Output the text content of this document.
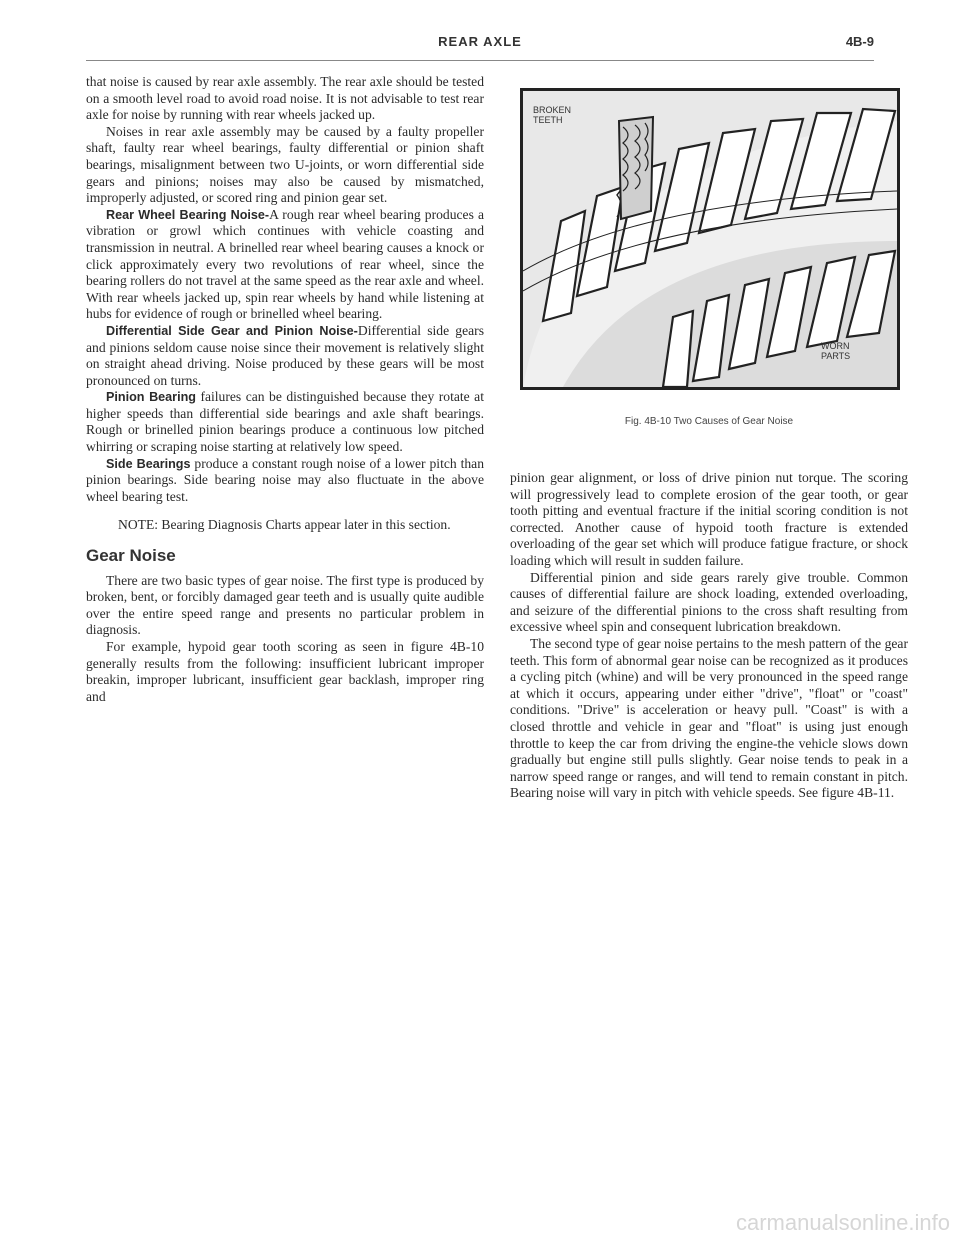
REAR AXLE	4B-9

that noise is caused by rear axle assembly. The rear axle should be tested on a smooth level road to avoid road noise. It is not advisable to test rear axle for noise by running with rear wheels jacked up.

Noises in rear axle assembly may be caused by a faulty propeller shaft, faulty rear wheel bearings, faulty differential or pinion shaft bearings, misalignment between two U-joints, or worn differential side gears and pinions; noises may also be caused by mismatched, improperly adjusted, or scored ring and pinion gear set.

Rear Wheel Bearing Noise-A rough rear wheel bearing produces a vibration or growl which continues with vehicle coasting and transmission in neutral. A brinelled rear wheel bearing causes a knock or click approximately every two revolutions of rear wheel, since the bearing rollers do not travel at the same speed as the rear axle and wheel. With rear wheels jacked up, spin rear wheels by hand while listening at hubs for evidence of rough or brinelled wheel bearing.

Differential Side Gear and Pinion Noise-Differential side gears and pinions seldom cause noise since their movement is relatively slight on straight ahead driving. Noise produced by these gears will be most pronounced on turns.

Pinion Bearing failures can be distinguished because they rotate at higher speeds than differential side bearings and axle shaft bearings. Rough or brinelled pinion bearings produce a continuous low pitched whirring or scraping noise starting at relatively low speed.

Side Bearings produce a constant rough noise of a lower pitch than pinion bearings. Side bearing noise may also fluctuate in the above wheel bearing test.

NOTE: Bearing Diagnosis Charts appear later in this section.

Gear Noise

There are two basic types of gear noise. The first type is produced by broken, bent, or forcibly damaged gear teeth and is usually quite audible over the entire speed range and presents no particular problem in diagnosis.

For example, hypoid gear tooth scoring as seen in figure 4B-10 generally results from the following: insufficient lubricant improper breakin, improper lubricant, insufficient gear backlash, improper ring and

BROKEN
TEETH
WORN
PARTS
Fig. 4B-10 Two Causes of Gear Noise

pinion gear alignment, or loss of drive pinion nut torque. The scoring will progressively lead to complete erosion of the gear tooth, or gear tooth pitting and eventual fracture if the initial scoring condition is not corrected. Another cause of hypoid tooth fracture is extended overloading of the gear set which will produce fatigue fracture, or shock loading which will result in sudden failure.

Differential pinion and side gears rarely give trouble. Common causes of differential failure are shock loading, extended overloading, and seizure of the differential pinions to the cross shaft resulting from excessive wheel spin and consequent lubrication breakdown.

The second type of gear noise pertains to the mesh pattern of the gear teeth. This form of abnormal gear noise can be recognized as it produces a cycling pitch (whine) and will be very pronounced in the speed range at which it occurs, appearing under either "drive", "float" or "coast" conditions. "Drive" is acceleration or heavy pull. "Coast" is with a closed throttle and vehicle in gear and "float" is using just enough throttle to keep the car from driving the engine-the vehicle slows down gradually but engine still pulls slightly. Gear noise tends to peak in a narrow speed range or ranges, and will tend to remain constant in pitch. Bearing noise will vary in pitch with vehicle speeds. See figure 4B-11.

carmanualsonline.info
